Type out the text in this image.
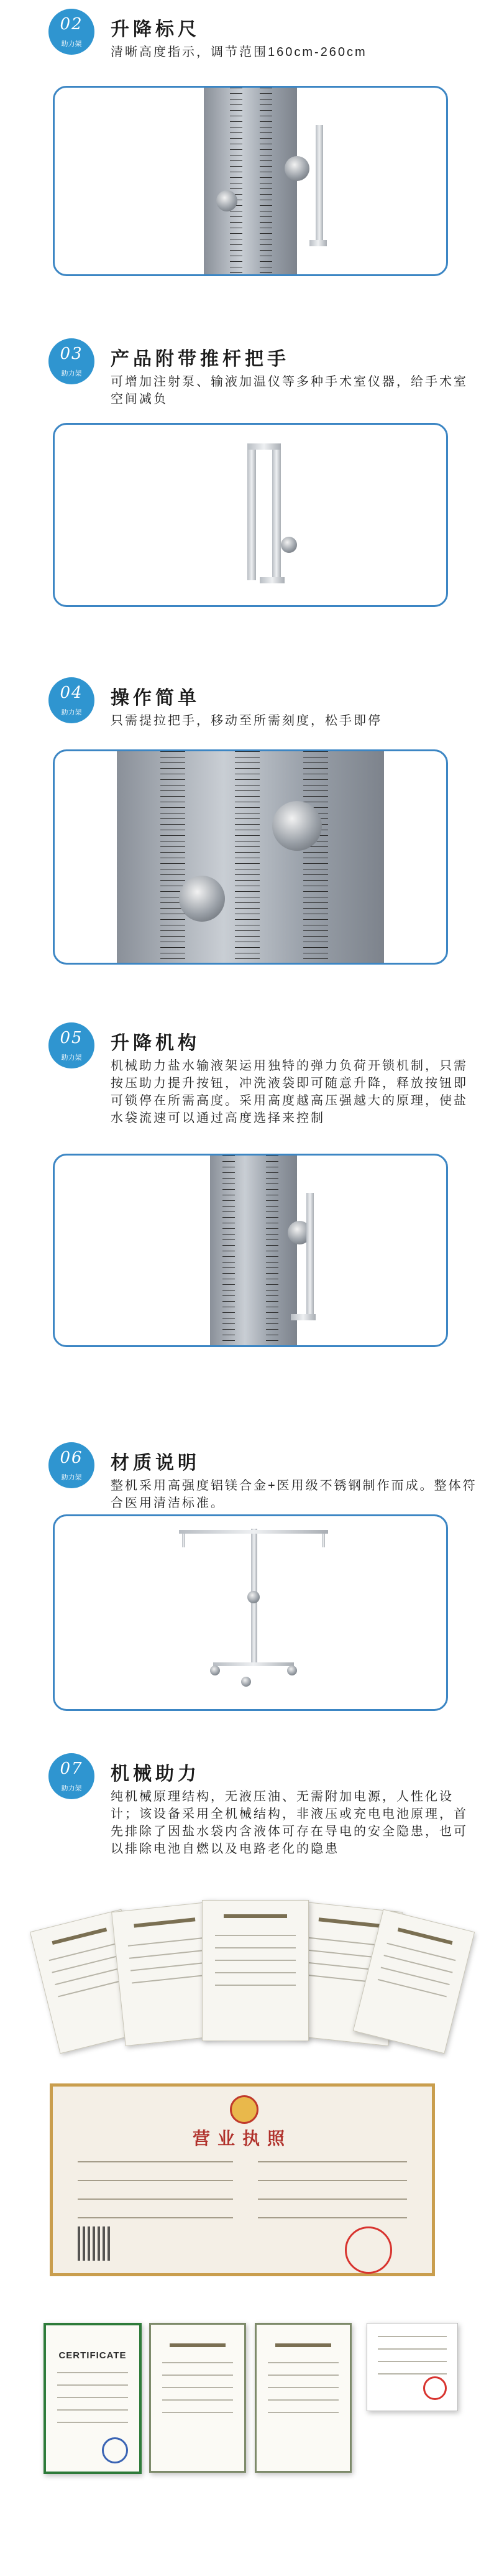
02
助力架
升降标尺
清晰高度指示，调节范围160cm-260cm
03
助力架
产品附带推杆把手
可增加注射泵、输液加温仪等多种手术室仪器，给手术室空间减负
04
助力架
操作简单
只需提拉把手，移动至所需刻度，松手即停
05
助力架
升降机构
机械助力盐水输液架运用独特的弹力负荷开锁机制，只需按压助力提升按钮，冲洗液袋即可随意升降，释放按钮即可锁停在所需高度。采用高度越高压强越大的原理，使盐水袋流速可以通过高度选择来控制
06
助力架
材质说明
整机采用高强度铝镁合金+医用级不锈钢制作而成。整体符合医用清洁标准。
07
助力架
机械助力
纯机械原理结构，无液压油、无需附加电源，人性化设计；该设备采用全机械结构，非液压或充电电池原理，首先排除了因盐水袋内含液体可存在导电的安全隐患，也可以排除电池自燃以及电路老化的隐患
营业执照
CERTIFICATE
